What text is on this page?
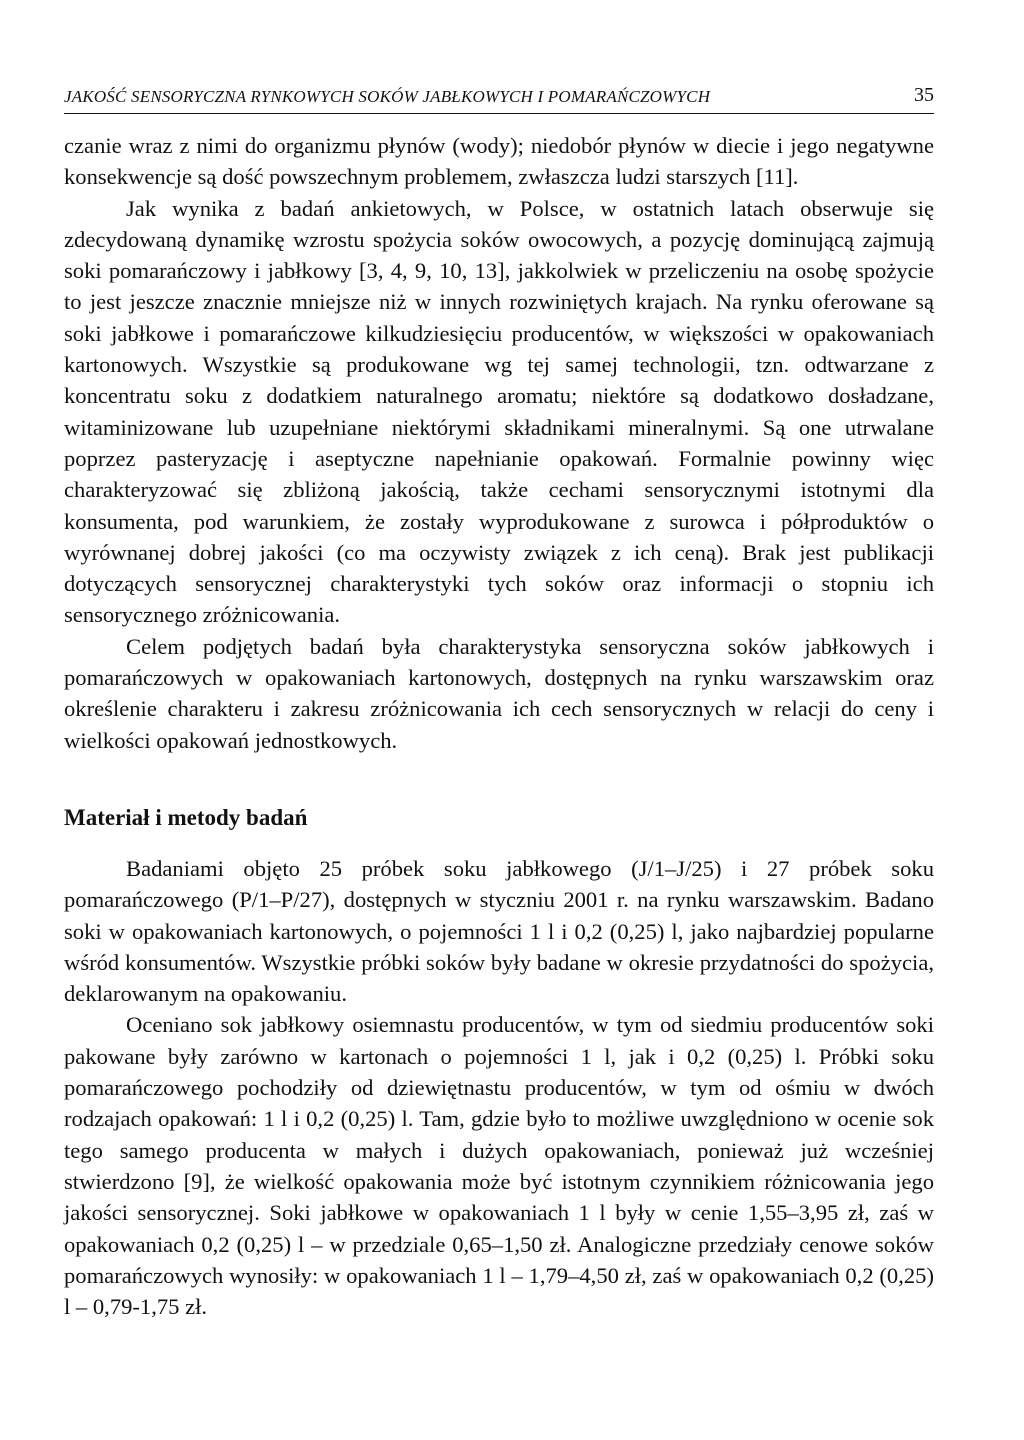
JAKOŚĆ SENSORYCZNA RYNKOWYCH SOKÓW JABŁKOWYCH I POMARAŃCZOWYCH	35

czanie wraz z nimi do organizmu płynów (wody); niedobór płynów w diecie i jego negatywne konsekwencje są dość powszechnym problemem, zwłaszcza ludzi starszych [11].

Jak wynika z badań ankietowych, w Polsce, w ostatnich latach obserwuje się zdecydowaną dynamikę wzrostu spożycia soków owocowych, a pozycję dominującą zajmują soki pomarańczowy i jabłkowy [3, 4, 9, 10, 13], jakkolwiek w przeliczeniu na osobę spożycie to jest jeszcze znacznie mniejsze niż w innych rozwiniętych krajach. Na rynku oferowane są soki jabłkowe i pomarańczowe kilkudziesięciu producentów, w większości w opakowaniach kartonowych. Wszystkie są produkowane wg tej samej technologii, tzn. odtwarzane z koncentratu soku z dodatkiem naturalnego aromatu; niektóre są dodatkowo dosładzane, witaminizowane lub uzupełniane niektórymi składnikami mineralnymi. Są one utrwalane poprzez pasteryzację i aseptyczne napełnianie opakowań. Formalnie powinny więc charakteryzować się zbliżoną jakością, także cechami sensorycznymi istotnymi dla konsumenta, pod warunkiem, że zostały wyprodukowane z surowca i półproduktów o wyrównanej dobrej jakości (co ma oczywisty związek z ich ceną). Brak jest publikacji dotyczących sensorycznej charakterystyki tych soków oraz informacji o stopniu ich sensorycznego zróżnicowania.

Celem podjętych badań była charakterystyka sensoryczna soków jabłkowych i pomarańczowych w opakowaniach kartonowych, dostępnych na rynku warszawskim oraz określenie charakteru i zakresu zróżnicowania ich cech sensorycznych w relacji do ceny i wielkości opakowań jednostkowych.

Materiał i metody badań

Badaniami objęto 25 próbek soku jabłkowego (J/1–J/25) i 27 próbek soku pomarańczowego (P/1–P/27), dostępnych w styczniu 2001 r. na rynku warszawskim. Badano soki w opakowaniach kartonowych, o pojemności 1 l i 0,2 (0,25) l, jako najbardziej popularne wśród konsumentów. Wszystkie próbki soków były badane w okresie przydatności do spożycia, deklarowanym na opakowaniu.

Oceniano sok jabłkowy osiemnastu producentów, w tym od siedmiu producentów soki pakowane były zarówno w kartonach o pojemności 1 l, jak i 0,2 (0,25) l. Próbki soku pomarańczowego pochodziły od dziewiętnastu producentów, w tym od ośmiu w dwóch rodzajach opakowań: 1 l i 0,2 (0,25) l. Tam, gdzie było to możliwe uwzględniono w ocenie sok tego samego producenta w małych i dużych opakowaniach, ponieważ już wcześniej stwierdzono [9], że wielkość opakowania może być istotnym czynnikiem różnicowania jego jakości sensorycznej. Soki jabłkowe w opakowaniach 1 l były w cenie 1,55–3,95 zł, zaś w opakowaniach 0,2 (0,25) l – w przedziale 0,65–1,50 zł. Analogiczne przedziały cenowe soków pomarańczowych wynosiły: w opakowaniach 1 l – 1,79–4,50 zł, zaś w opakowaniach 0,2 (0,25) l – 0,79-1,75 zł.
